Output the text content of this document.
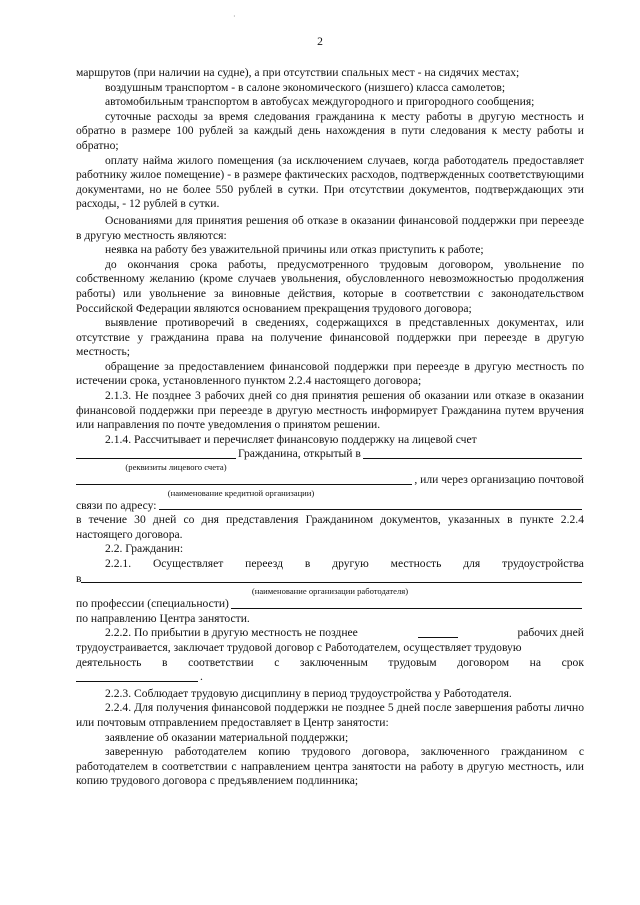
·
2

маршрутов (при наличии на судне), а при отсутствии спальных мест - на сидячих местах;

воздушным транспортом - в салоне экономического (низшего) класса самолетов;

автомобильным транспортом в автобусах междугородного и пригородного сообщения;

суточные расходы за время следования гражданина к месту работы в другую местность и обратно в размере 100 рублей за каждый день нахождения в пути следования к месту работы и обратно;

оплату найма жилого помещения (за исключением случаев, когда работодатель предоставляет работнику жилое помещение) - в размере фактических расходов, подтвержденных соответствующими документами, но не более 550 рублей в сутки. При отсутствии документов, подтверждающих эти расходы, - 12 рублей в сутки.

Основаниями для принятия решения об отказе в оказании финансовой поддержки при переезде в другую местность являются:

неявка на работу без уважительной причины или отказ приступить к работе;

до окончания срока работы, предусмотренного трудовым договором, увольнение по собственному желанию (кроме случаев увольнения, обусловленного невозможностью продолжения работы) или увольнение за виновные действия, которые в соответствии с законодательством Российской Федерации являются основанием прекращения трудового договора;

выявление противоречий в сведениях, содержащихся в представленных документах, или отсутствие у гражданина права на получение финансовой поддержки при переезде в другую местность;

обращение за предоставлением финансовой поддержки при переезде в другую местность по истечении срока, установленного пунктом 2.2.4 настоящего договора;

2.1.3. Не позднее 3 рабочих дней со дня принятия решения об оказании или отказе в оказании финансовой поддержки при переезде в другую местность информирует Гражданина путем вручения или направления по почте уведомления о принятом решении.

2.1.4. Рассчитывает и перечисляет финансовую поддержку на лицевой счет
Гражданина, открытый в
(реквизиты лицевого счета)
, или через организацию почтовой
(наименование кредитной организации)
связи по адресу:

в течение 30 дней со дня представления Гражданином документов, указанных в пункте 2.2.4 настоящего договора.

2.2. Гражданин:

2.2.1. Осуществляет переезд в другую местность для трудоустройства
в
(наименование организации работодателя)
по профессии (специальности)

по направлению Центра занятости.

2.2.2. По прибытии в другую местность не позднее	рабочих дней

трудоустраивается, заключает трудовой договор с Работодателем, осуществляет трудовую

деятельность в соответствии с заключенным трудовым договором на срок
.

2.2.3. Соблюдает трудовую дисциплину в период трудоустройства у Работодателя.

2.2.4. Для получения финансовой поддержки не позднее 5 дней после завершения работы лично или почтовым отправлением предоставляет в Центр занятости:

заявление об оказании материальной поддержки;

заверенную работодателем копию трудового договора, заключенного гражданином с работодателем в соответствии с направлением центра занятости на работу в другую местность, или копию трудового договора с предъявлением подлинника;
